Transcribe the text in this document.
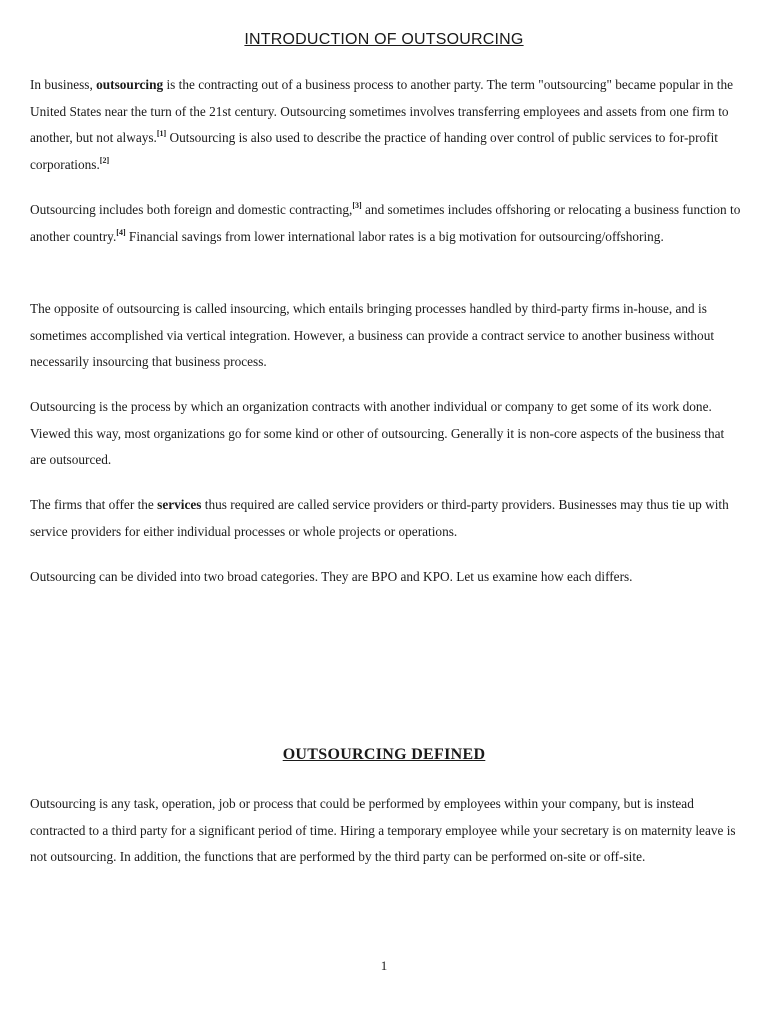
INTRODUCTION OF OUTSOURCING

In business, outsourcing is the contracting out of a business process to another party. The term "outsourcing" became popular in the United States near the turn of the 21st century. Outsourcing sometimes involves transferring employees and assets from one firm to another, but not always.[1] Outsourcing is also used to describe the practice of handing over control of public services to for-profit corporations.[2]

Outsourcing includes both foreign and domestic contracting,[3] and sometimes includes offshoring or relocating a business function to another country.[4] Financial savings from lower international labor rates is a big motivation for outsourcing/offshoring.

The opposite of outsourcing is called insourcing, which entails bringing processes handled by third-party firms in-house, and is sometimes accomplished via vertical integration. However, a business can provide a contract service to another business without necessarily insourcing that business process.

Outsourcing is the process by which an organization contracts with another individual or company to get some of its work done. Viewed this way, most organizations go for some kind or other of outsourcing. Generally it is non-core aspects of the business that are outsourced.

The firms that offer the services thus required are called service providers or third-party providers. Businesses may thus tie up with service providers for either individual processes or whole projects or operations.

Outsourcing can be divided into two broad categories. They are BPO and KPO. Let us examine how each differs.

OUTSOURCING DEFINED

Outsourcing is any task, operation, job or process that could be performed by employees within your company, but is instead contracted to a third party for a significant period of time. Hiring a temporary employee while your secretary is on maternity leave is not outsourcing. In addition, the functions that are performed by the third party can be performed on-site or off-site.

1
